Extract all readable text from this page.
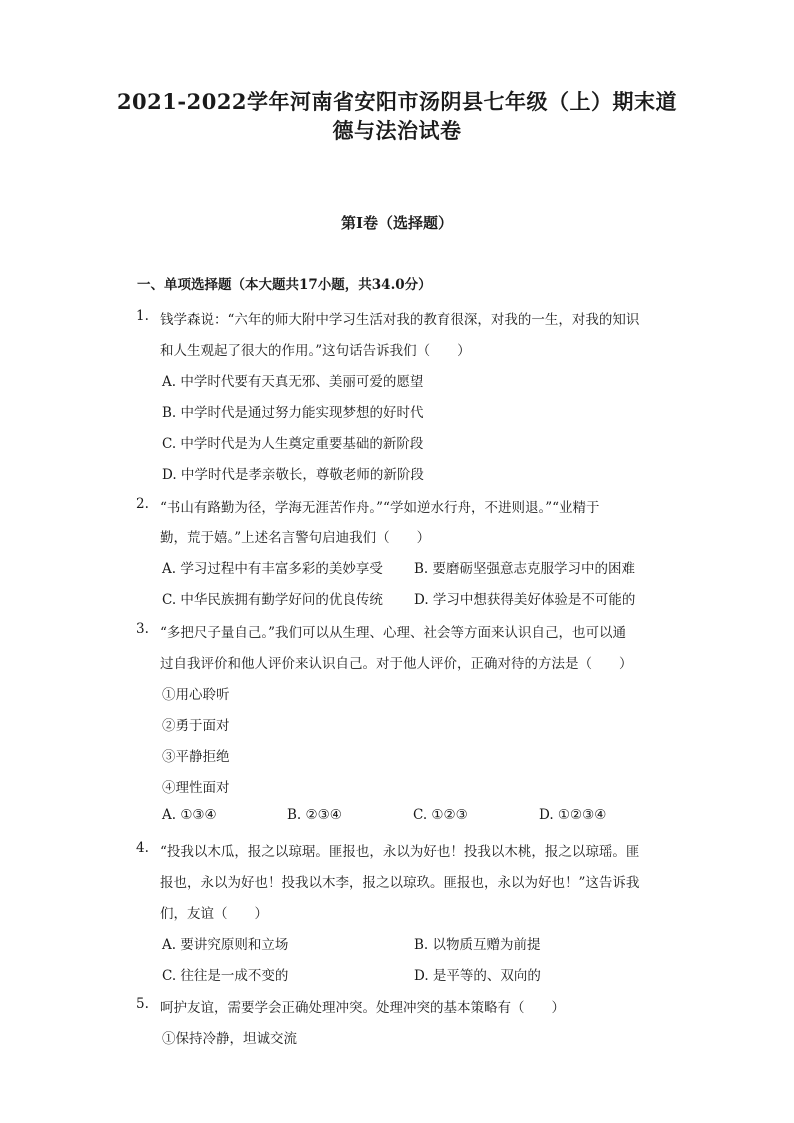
2021-2022学年河南省安阳市汤阴县七年级（上）期末道
德与法治试卷
第Ⅰ卷（选择题）
一、单项选择题（本大题共17小题，共34.0分）
1. 钱学森说：“六年的师大附中学习生活对我的教育很深，对我的一生，对我的知识
和人生观起了很大的作用。”这句话告诉我们（　　）
A. 中学时代要有天真无邪、美丽可爱的愿望
B. 中学时代是通过努力能实现梦想的好时代
C. 中学时代是为人生奠定重要基础的新阶段
D. 中学时代是孝亲敬长，尊敬老师的新阶段
2. “书山有路勤为径，学海无涯苦作舟。”“学如逆水行舟，不进则退。”“业精于
勤，荒于嬉。”上述名言警句启迪我们（　　）
A. 学习过程中有丰富多彩的美妙享受 B. 要磨砺坚强意志克服学习中的困难
C. 中华民族拥有勤学好问的优良传统 D. 学习中想获得美好体验是不可能的
3. “多把尺子量自己。”我们可以从生理、心理、社会等方面来认识自己，也可以通
过自我评价和他人评价来认识自己。对于他人评价，正确对待的方法是（　　）
①用心聆听
②勇于面对
③平静拒绝
④理性面对
A. ①③④	B. ②③④	C. ①②③	D. ①②③④
4. “投我以木瓜，报之以琼琚。匪报也，永以为好也！投我以木桃，报之以琼瑶。匪
报也，永以为好也！投我以木李，报之以琼玖。匪报也，永以为好也！”这告诉我
们，友谊（　　）
A. 要讲究原则和立场	B. 以物质互赠为前提
C. 往往是一成不变的	D. 是平等的、双向的
5. 呵护友谊，需要学会正确处理冲突。处理冲突的基本策略有（　　）
①保持冷静，坦诚交流
